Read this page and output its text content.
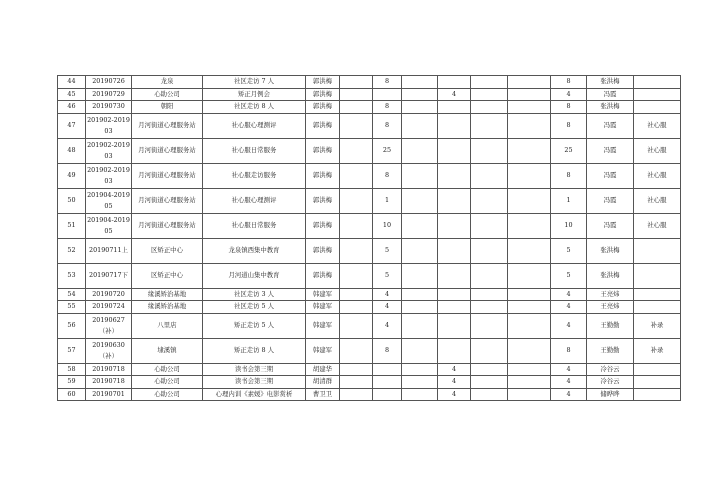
44	20190726	龙泉	社区走访 7 人	郭洪梅		8					8	张洪梅	
45	20190729	心助公司	矫正月例会	郭洪梅				4			4	冯霞	
46	20190730	朝阳	社区走访 8 人	郭洪梅		8					8	张洪梅	
47	201902-201903	月河街道心理服务站	社心服心理测评	郭洪梅		8					8	冯霞	社心服
48	201902-201903	月河街道心理服务站	社心服日常服务	郭洪梅		25					25	冯霞	社心服
49	201902-201903	月河街道心理服务站	社心服走访服务	郭洪梅		8					8	冯霞	社心服
50	201904-201905	月河街道心理服务站	社心服心理测评	郭洪梅		1					1	冯霞	社心服
51	201904-201905	月河街道心理服务站	社心服日常服务	郭洪梅		10					10	冯霞	社心服
52	20190711上	区矫正中心	龙泉镇西集中教育	郭洪梅		5					5	张洪梅	
53	20190717下	区矫正中心	月河道山集中教育	郭洪梅		5					5	张洪梅	
54	20190720	缘溪矫治基地	社区走访 3 人	韩建军		4					4	王亮炜	
55	20190724	缘溪矫治基地	社区走访 5 人	韩建军		4					4	王亮炜	
56	20190627（补）	八里店	矫正走访 5 人	韩建军		4					4	王勤勤	补录
57	20190630（补）	埭溪镇	矫正走访 8 人	韩建军		8					8	王勤勤	补录
58	20190718	心助公司	读书会第三期	胡建华				4			4	冷谷云	
59	20190718	心助公司	读书会第三期	胡清群				4			4	冷谷云	
60	20190701	心助公司	心理内训《素媛》电影赏析	曹卫卫				4			4	储晔晔	
